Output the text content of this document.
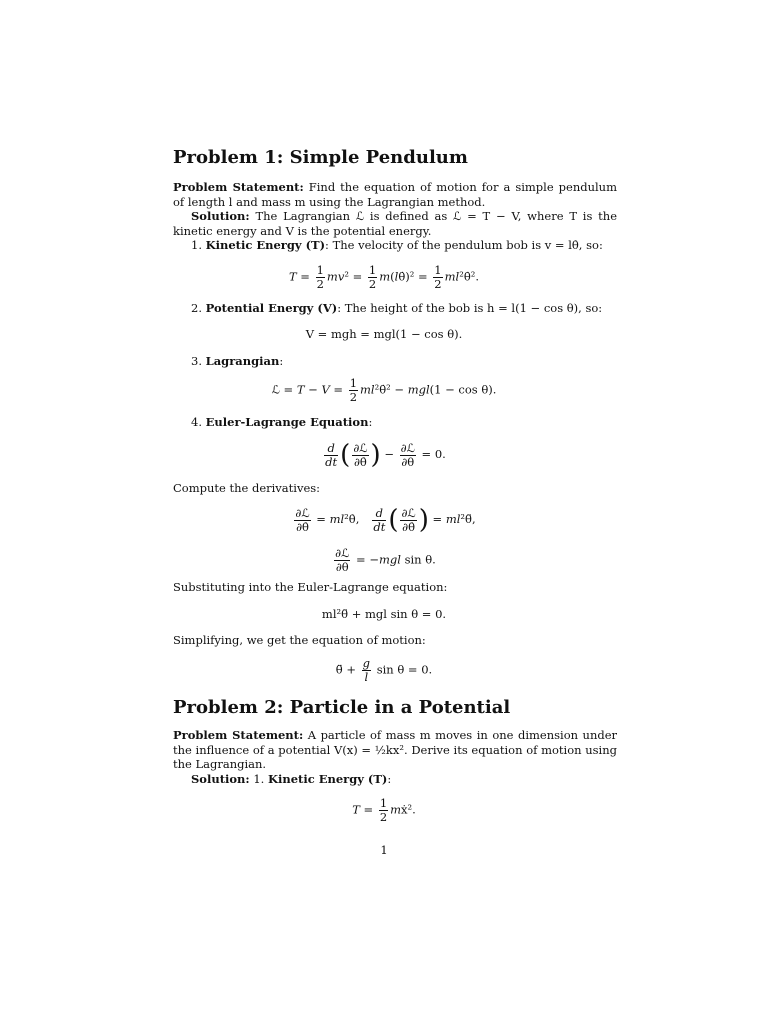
Problem 1: Simple Pendulum

Problem Statement: Find the equation of motion for a simple pendulum of length l and mass m using the Lagrangian method.

Solution: The Lagrangian ℒ is defined as ℒ = T − V, where T is the kinetic energy and V is the potential energy.

1. Kinetic Energy (T): The velocity of the pendulum bob is v = lθ̇, so:
$T = \frac{1}{2} mv^2 = \frac{1}{2}$ m(lθ̇)² = $\frac{1}{2}$ ml²θ̇².
2. Potential Energy (V): The height of the bob is h = l(1 − cos θ), so:
V = mgh = mgl(1 − cos θ).
3. Lagrangian:
ℒ = $T - V = \frac{1}{2}$ ml²θ̇² − mgl(1 − cos θ).
4. Euler-Lagrange Equation:
$\frac{d}{dt}$ ( $\frac{\text{∂ℒ}}{\partial\thetȧ}$ ) − $\frac{\text{∂ℒ}}{\partial\theta} = 0$.

Compute the derivatives:

$\frac{\text{∂ℒ}}{\partial\thetȧ}$ = ml²θ̇, $\frac{d}{dt}$ ( $\frac{\text{∂ℒ}}{\partial\thetȧ}$ ) = ml²θ̈,
$\frac{\text{∂ℒ}}{\partial\theta} = -mgl$ sin θ.

Substituting into the Euler-Lagrange equation:

ml²θ̈ + mgl sin θ = 0.

Simplifying, we get the equation of motion:

θ̈ + $\frac{g}{l}$ sin θ = 0.
Problem 2: Particle in a Potential

Problem Statement: A particle of mass m moves in one dimension under the influence of a potential V(x) = ½kx². Derive its equation of motion using the Lagrangian.

Solution: 1. Kinetic Energy (T):

$T = \frac{1}{2}$ mẋ².
1
